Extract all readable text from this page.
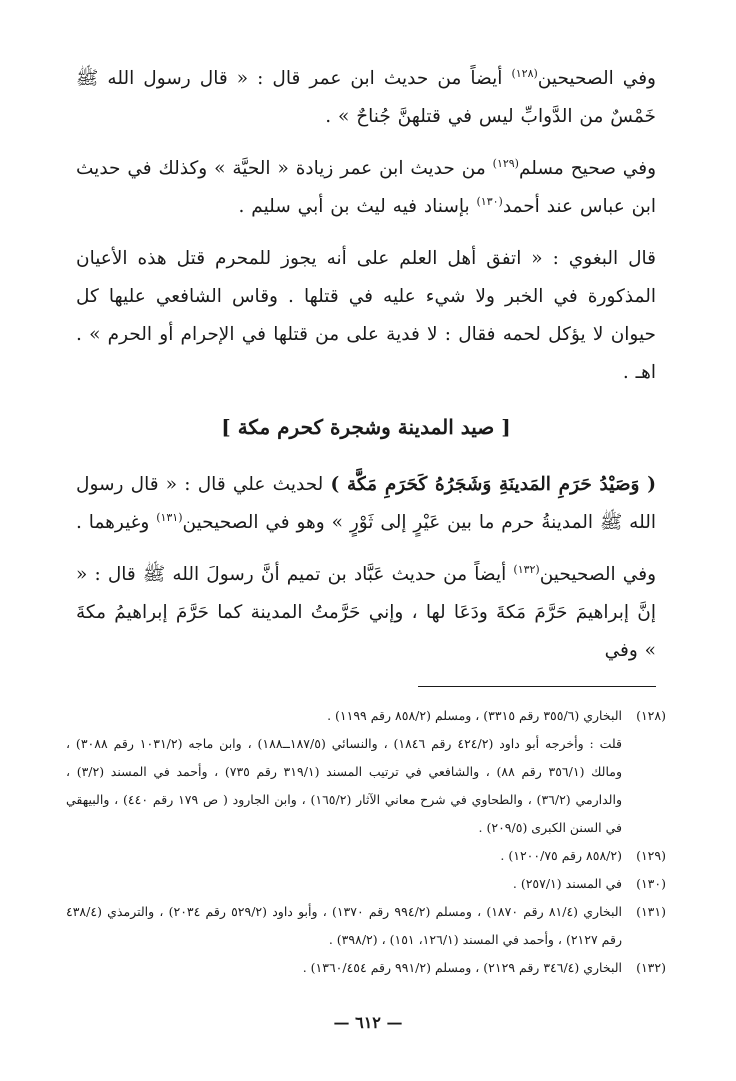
وفي الصحيحين$^{(١٢٨)}$ أيضاً من حديث ابن عمر قال : « قال رسول الله ﷺ خَمْسٌ من الدَّوابِّ ليس في قتلهنَّ جُناحٌ » .

وفي صحيح مسلم$^{(١٢٩)}$ من حديث ابن عمر زيادة « الحيَّة » وكذلك في حديث ابن عباس عند أحمد$^{(١٣٠)}$ بإسناد فيه ليث بن أبي سليم .

قال البغوي : « اتفق أهل العلم على أنه يجوز للمحرم قتل هذه الأعيان المذكورة في الخبر ولا شيء عليه في قتلها . وقاس الشافعي عليها كل حيوان لا يؤكل لحمه فقال : لا فدية على من قتلها في الإحرام أو الحرم » . اهـ .

[ صيد المدينة وشجرة كحرم مكة ]

( وَصَيْدُ حَرَمِ المَدينَةِ وَشَجَرُهُ كَحَرَمِ مَكَّة ) لحديث علي قال : « قال رسول الله ﷺ المدينةُ حرم ما بين عَيْرٍ إلى ثَوْرٍ » وهو في الصحيحين$^{(١٣١)}$ وغيرهما .

وفي الصحيحين$^{(١٣٢)}$ أيضاً من حديث عَبَّاد بن تميم أنَّ رسولَ الله ﷺ قال : « إنَّ إبراهيمَ حَرَّمَ مَكةَ ودَعَا لها ، وإني حَرَّمتُ المدينة كما حَرَّمَ إبراهيمُ مكةَ » وفي

(١٢٨)
البخاري (٣٥٥/٦ رقم ٣٣١٥) ، ومسلم (٨٥٨/٢ رقم ١١٩٩) .
قلت : وأخرجه أبو داود (٤٢٤/٢ رقم ١٨٤٦) ، والنسائي (١٨٧/٥ــ١٨٨) ، وابن ماجه (١٠٣١/٢ رقم ٣٠٨٨) ، ومالك (٣٥٦/١ رقم ٨٨) ، والشافعي في ترتيب المسند (٣١٩/١ رقم ٧٣٥) ، وأحمد في المسند (٣/٢) ، والدارمي (٣٦/٢) ، والطحاوي في شرح معاني الآثار (١٦٥/٢) ، وابن الجارود ( ص ١٧٩ رقم ٤٤٠) ، والبيهقي في السنن الكبرى (٢٠٩/٥) .
(١٢٩)
(٨٥٨/٢ رقم ١٢٠٠/٧٥) .
(١٣٠)
في المسند (٢٥٧/١) .
(١٣١)
البخاري (٨١/٤ رقم ١٨٧٠) ، ومسلم (٩٩٤/٢ رقم ١٣٧٠) ، وأبو داود (٥٢٩/٢ رقم ٢٠٣٤) ، والترمذي (٤٣٨/٤ رقم ٢١٢٧) ، وأحمد في المسند (١٢٦/١، ١٥١) ، (٣٩٨/٢) .
(١٣٢)
البخاري (٣٤٦/٤ رقم ٢١٢٩) ، ومسلم (٩٩١/٢ رقم ١٣٦٠/٤٥٤) .
— ٦١٢ —
